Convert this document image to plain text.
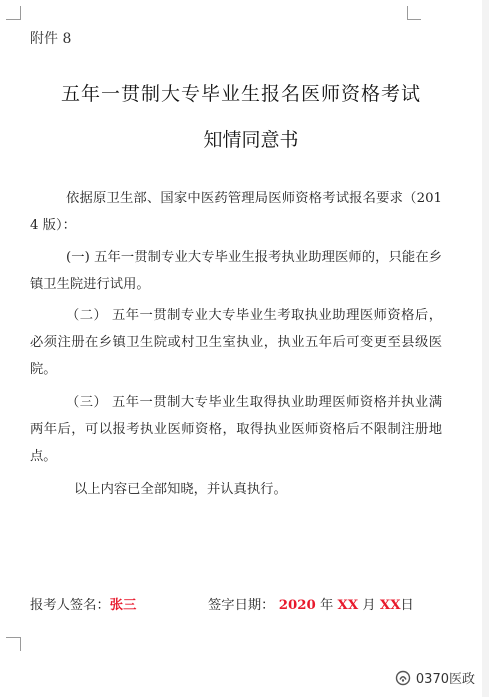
附件 8
五年一贯制大专毕业生报名医师资格考试
知情同意书
依据原卫生部、国家中医药管理局医师资格考试报名要求（2014 版）：
(一) 五年一贯制专业大专毕业生报考执业助理医师的，只能在乡镇卫生院进行试用。
（二） 五年一贯制专业大专毕业生考取执业助理医师资格后，必须注册在乡镇卫生院或村卫生室执业，执业五年后可变更至县级医院。
（三） 五年一贯制大专毕业生取得执业助理医师资格并执业满两年后，可以报考执业医师资格，取得执业医师资格后不限制注册地点。
以上内容已全部知晓，并认真执行。
报考人签名：张三	签字日期： 2020 年 XX 月 XX日
0370医政
